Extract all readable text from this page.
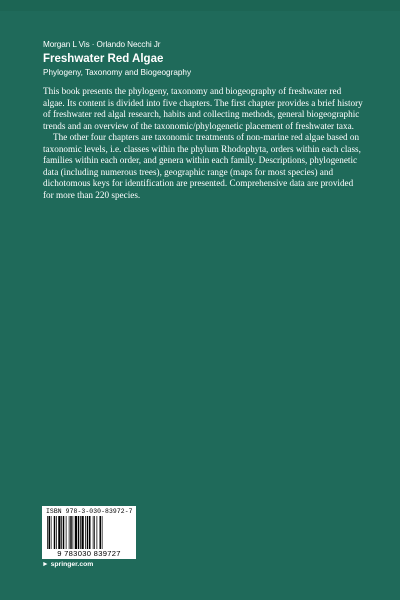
Morgan L Vis · Orlando Necchi Jr
Freshwater Red Algae
Phylogeny, Taxonomy and Biogeography

This book presents the phylogeny, taxonomy and biogeography of freshwater red algae. Its content is divided into five chapters. The first chapter provides a brief history of freshwater red algal research, habits and collecting methods, general biogeographic trends and an overview of the taxonomic/phylogenetic placement of freshwater taxa.

The other four chapters are taxonomic treatments of non-marine red algae based on taxonomic levels, i.e. classes within the phylum Rhodophyta, orders within each class, families within each order, and genera within each family. Descriptions, phylogenetic data (including numerous trees), geographic range (maps for most species) and dichotomous keys for identification are presented. Comprehensive data are provided for more than 220 species.

ISBN 978-3-030-83972-7
9 783030 839727
► springer.com
